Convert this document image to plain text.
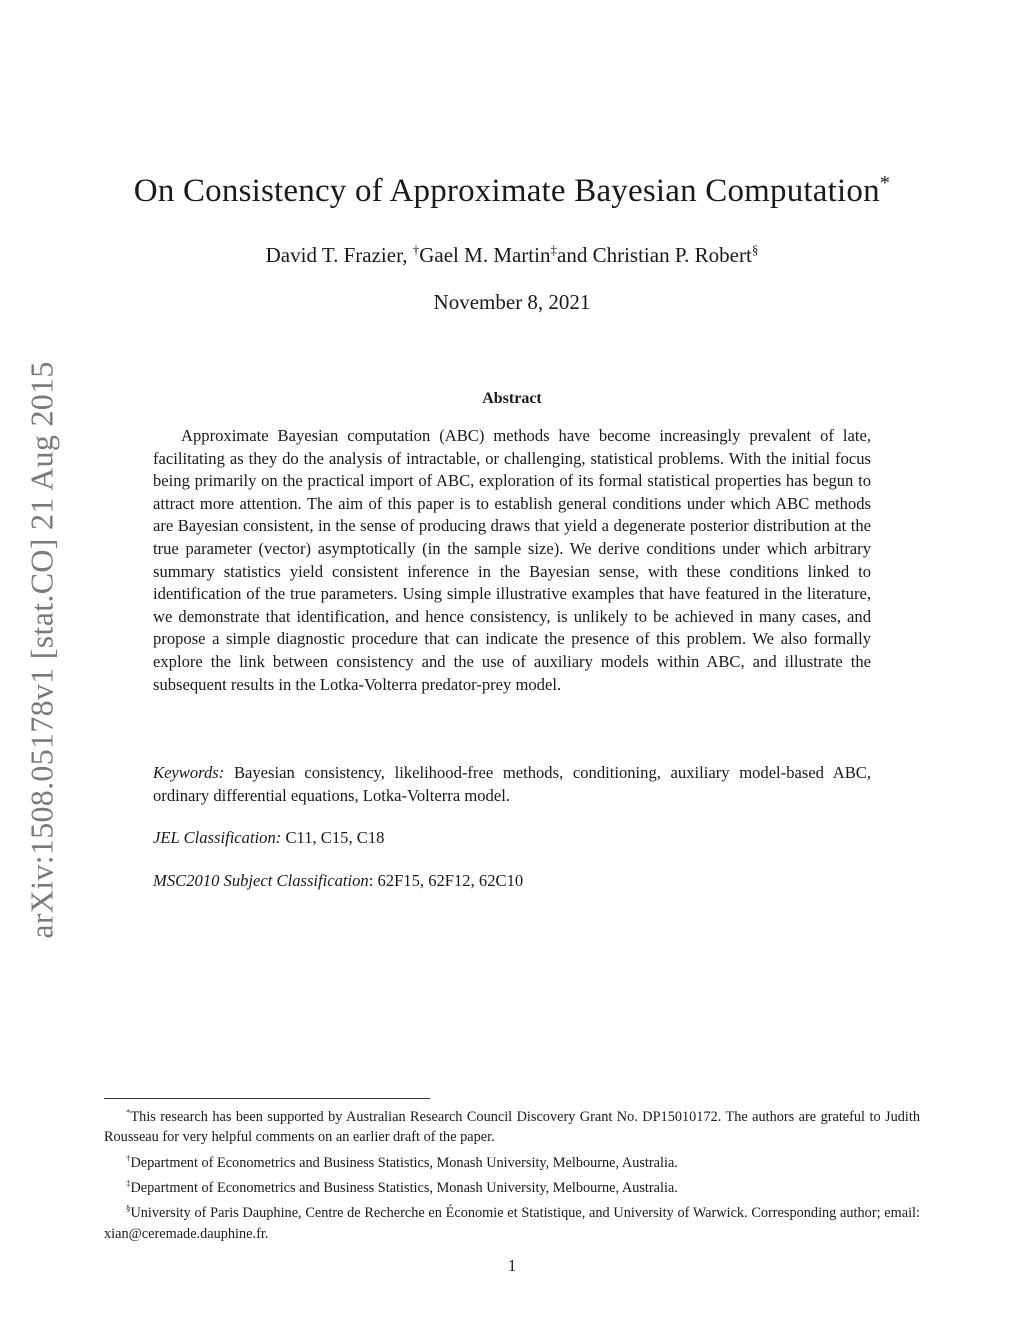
arXiv:1508.05178v1 [stat.CO] 21 Aug 2015
On Consistency of Approximate Bayesian Computation*
David T. Frazier, †Gael M. Martin‡and Christian P. Robert§
November 8, 2021
Abstract

Approximate Bayesian computation (ABC) methods have become increasingly prevalent of late, facilitating as they do the analysis of intractable, or challenging, statistical problems. With the initial focus being primarily on the practical import of ABC, exploration of its formal statistical properties has begun to attract more attention. The aim of this paper is to establish general conditions under which ABC methods are Bayesian consistent, in the sense of producing draws that yield a degenerate posterior distribution at the true parameter (vector) asymptotically (in the sample size). We derive conditions under which arbitrary summary statistics yield consistent inference in the Bayesian sense, with these conditions linked to identification of the true parameters. Using simple illustrative examples that have featured in the literature, we demonstrate that identification, and hence consistency, is unlikely to be achieved in many cases, and propose a simple diagnostic procedure that can indicate the presence of this problem. We also formally explore the link between consistency and the use of auxiliary models within ABC, and illustrate the subsequent results in the Lotka-Volterra predator-prey model.

Keywords: Bayesian consistency, likelihood-free methods, conditioning, auxiliary model-based ABC, ordinary differential equations, Lotka-Volterra model.

JEL Classification: C11, C15, C18

MSC2010 Subject Classification: 62F15, 62F12, 62C10

*This research has been supported by Australian Research Council Discovery Grant No. DP15010172. The authors are grateful to Judith Rousseau for very helpful comments on an earlier draft of the paper.

†Department of Econometrics and Business Statistics, Monash University, Melbourne, Australia.

‡Department of Econometrics and Business Statistics, Monash University, Melbourne, Australia.

§University of Paris Dauphine, Centre de Recherche en Économie et Statistique, and University of Warwick. Corresponding author; email: xian@ceremade.dauphine.fr.

1
